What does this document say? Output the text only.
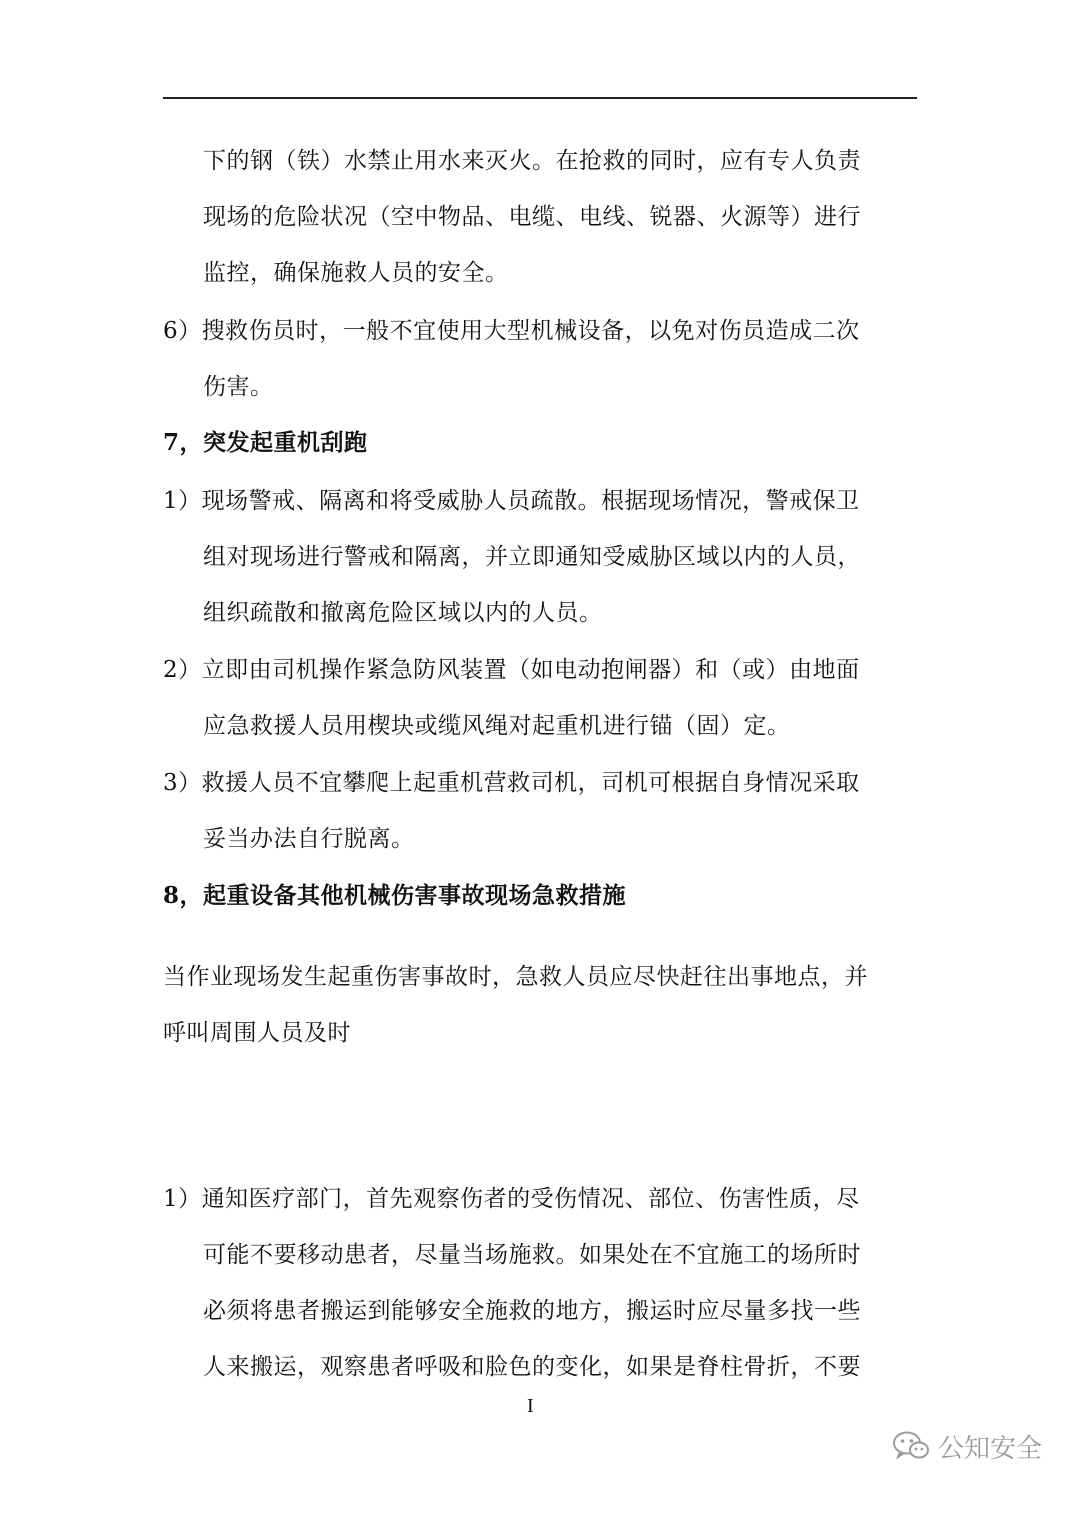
下的钢（铁）水禁止用水来灭火。在抢救的同时，应有专人负责
现场的危险状况（空中物品、电缆、电线、锐器、火源等）进行
监控，确保施救人员的安全。
6）搜救伤员时，一般不宜使用大型机械设备，以免对伤员造成二次
伤害。
7，突发起重机刮跑
1）现场警戒、隔离和将受威胁人员疏散。根据现场情况，警戒保卫
组对现场进行警戒和隔离，并立即通知受威胁区域以内的人员，
组织疏散和撤离危险区域以内的人员。
2）立即由司机操作紧急防风装置（如电动抱闸器）和（或）由地面
应急救援人员用楔块或缆风绳对起重机进行锚（固）定。
3）救援人员不宜攀爬上起重机营救司机，司机可根据自身情况采取
妥当办法自行脱离。
8，起重设备其他机械伤害事故现场急救措施
当作业现场发生起重伤害事故时，急救人员应尽快赶往出事地点，并
呼叫周围人员及时
1）通知医疗部门，首先观察伤者的受伤情况、部位、伤害性质，尽
可能不要移动患者，尽量当场施救。如果处在不宜施工的场所时
必须将患者搬运到能够安全施救的地方，搬运时应尽量多找一些
人来搬运，观察患者呼吸和脸色的变化，如果是脊柱骨折，不要
I
公知安全
